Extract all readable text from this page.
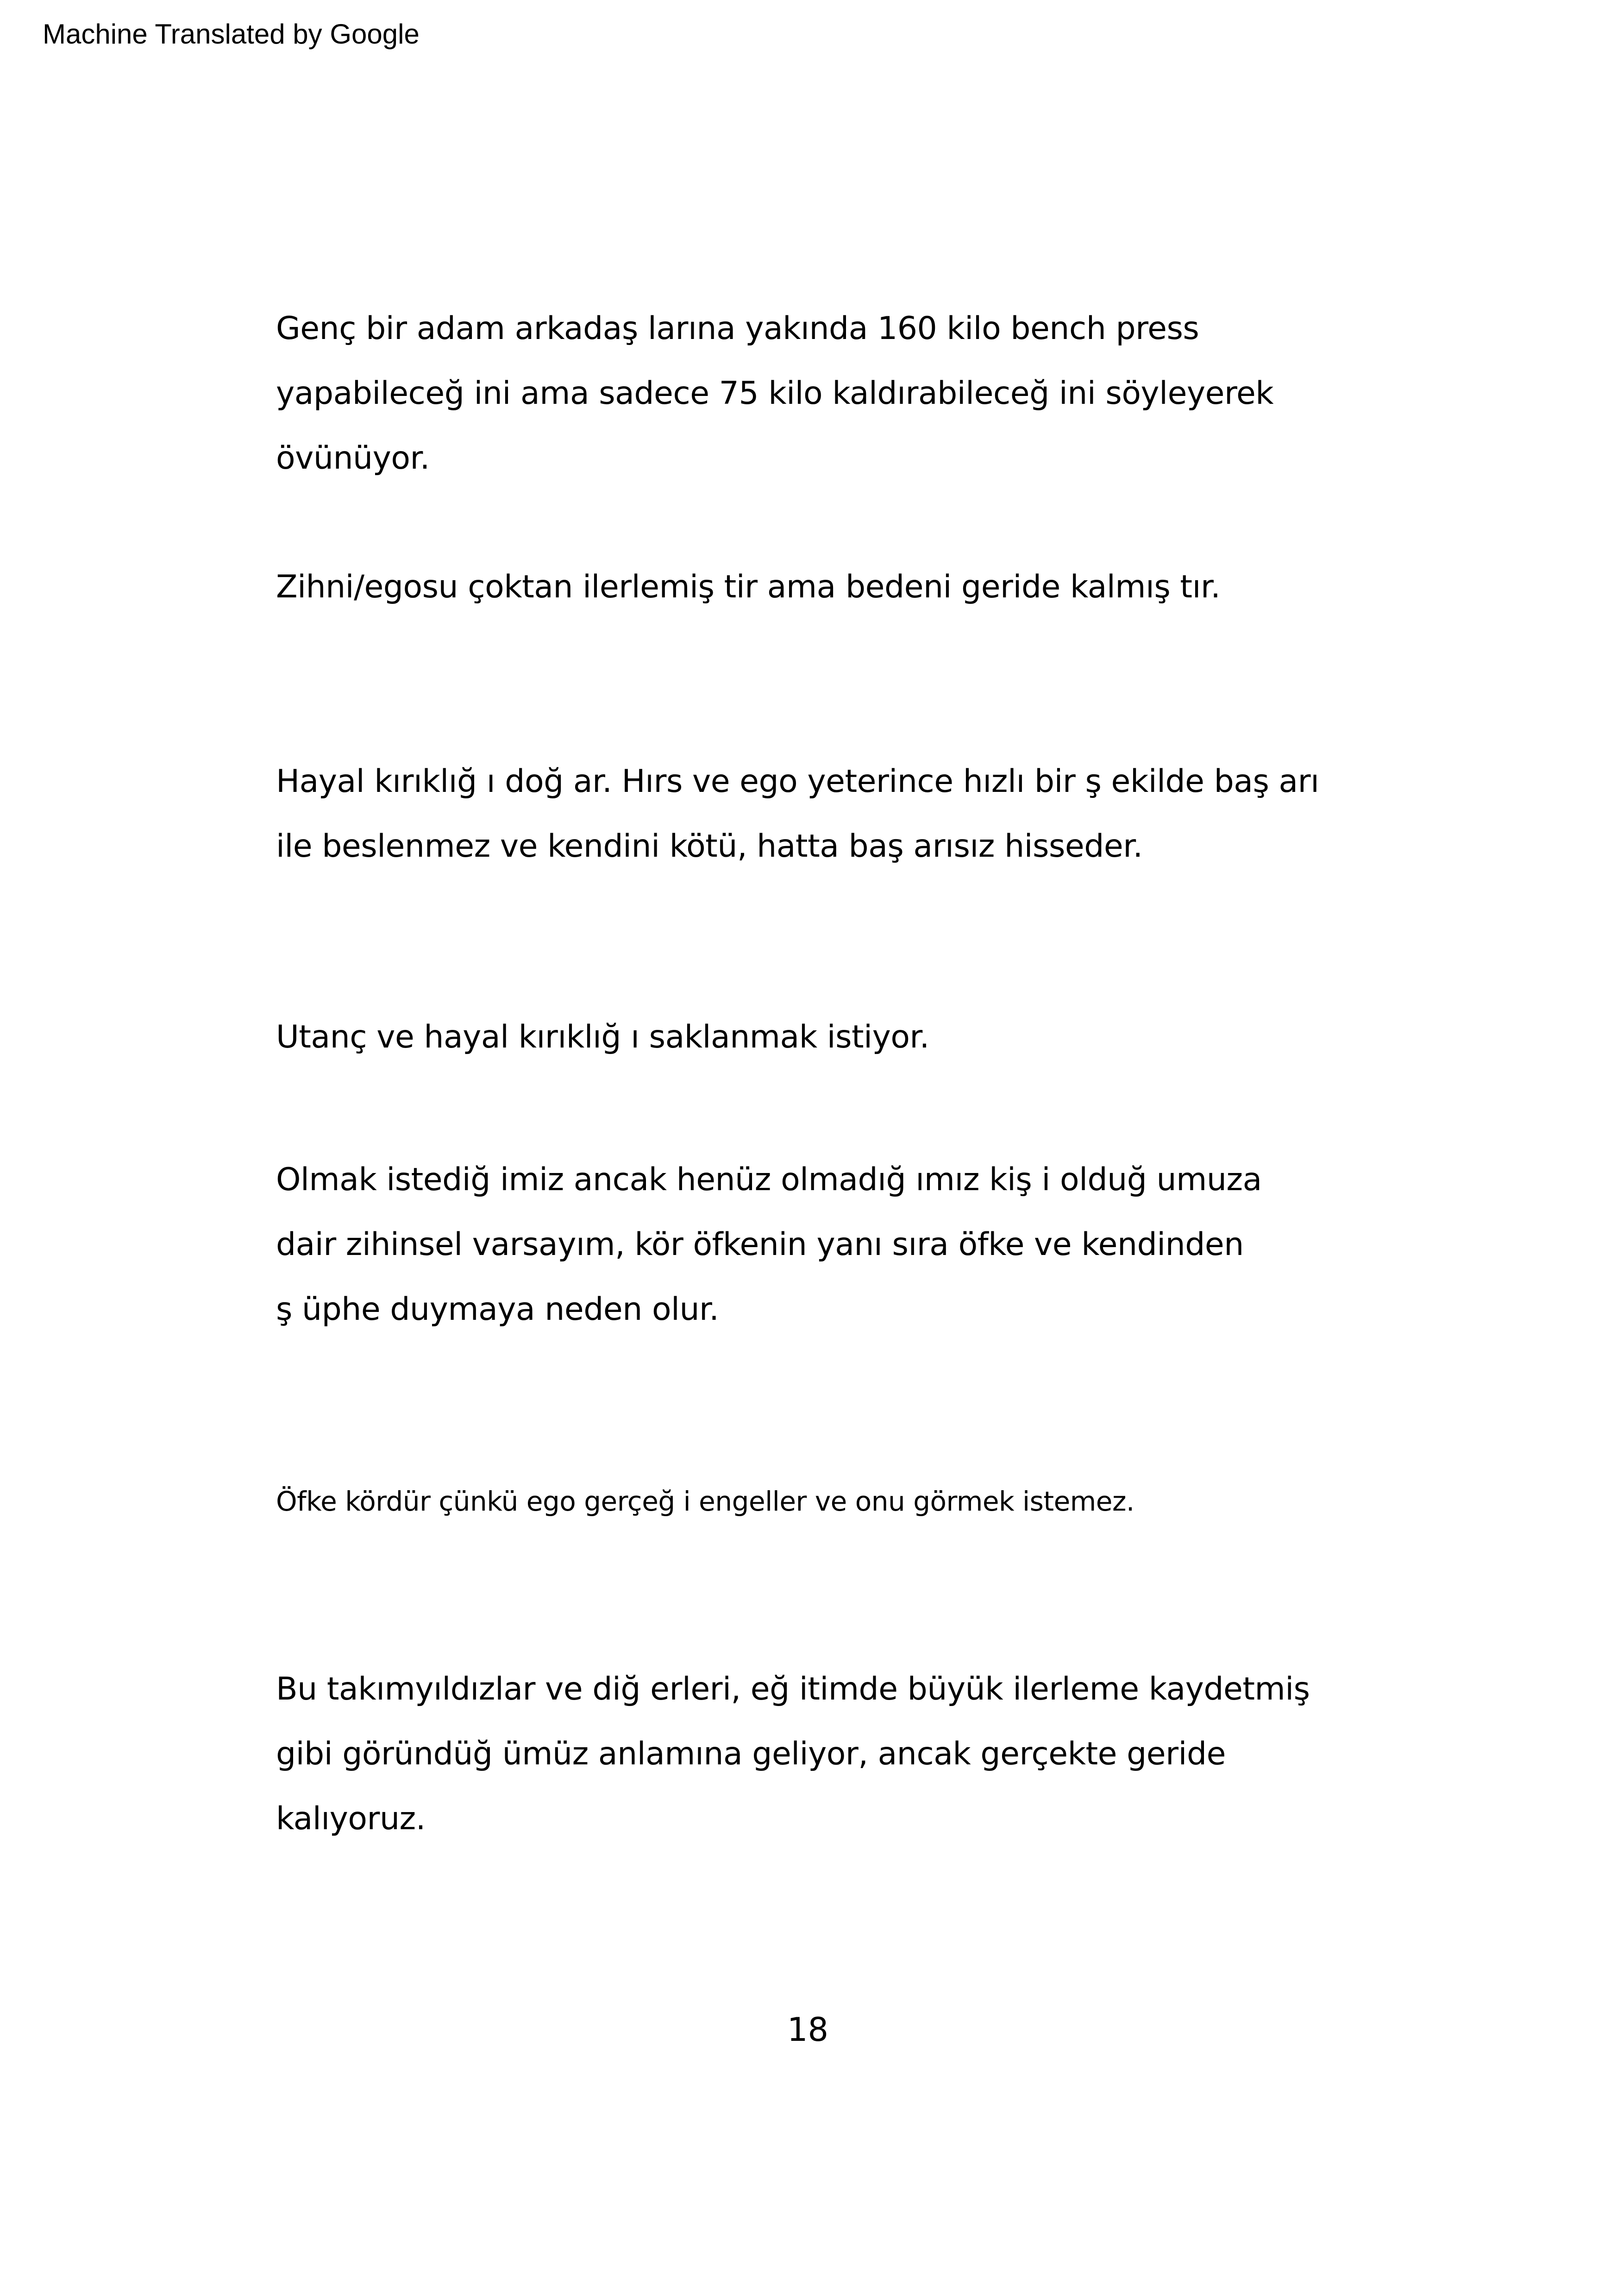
Machine Translated by Google
Genç bir adam arkadaş larına yakında 160 kilo bench press
yapabileceğ ini ama sadece 75 kilo kaldırabileceğ ini söyleyerek
övünüyor.
Zihni/egosu çoktan ilerlemiş tir ama bedeni geride kalmış tır.
Hayal kırıklığ ı doğ ar. Hırs ve ego yeterince hızlı bir ş ekilde baş arı
ile beslenmez ve kendini kötü, hatta baş arısız hisseder.
Utanç ve hayal kırıklığ ı saklanmak istiyor.
Olmak istediğ imiz ancak henüz olmadığ ımız kiş i olduğ umuza
dair zihinsel varsayım, kör öfkenin yanı sıra öfke ve kendinden
ş üphe duymaya neden olur.
Öfke kördür çünkü ego gerçeğ i engeller ve onu görmek istemez.
Bu takımyıldızlar ve diğ erleri, eğ itimde büyük ilerleme kaydetmiş
gibi göründüğ ümüz anlamına geliyor, ancak gerçekte geride
kalıyoruz.
18
